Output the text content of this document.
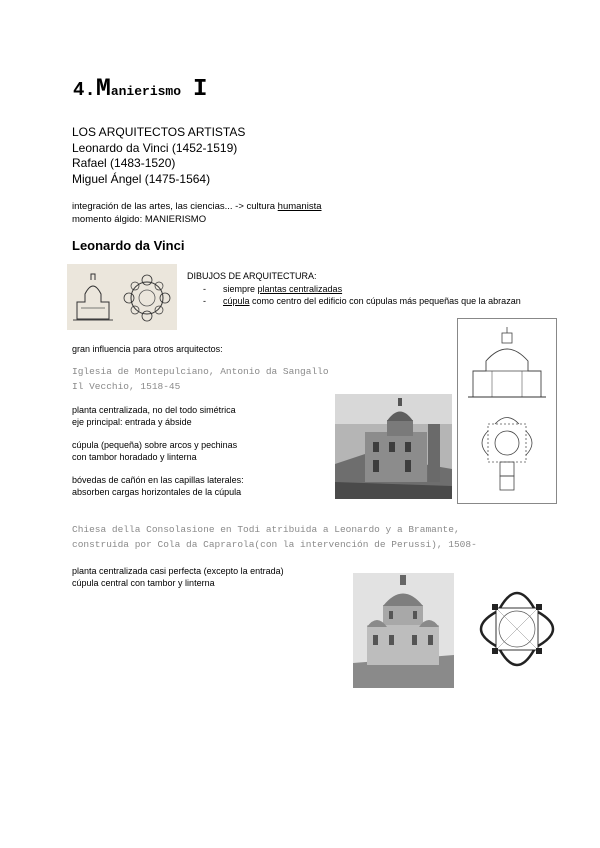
4.Manierismo I
LOS ARQUITECTOS ARTISTAS
Leonardo da Vinci (1452-1519)
Rafael (1483-1520)
Miguel Ángel (1475-1564)
integración de las artes, las ciencias... -> cultura humanista
momento álgido: MANIERISMO
Leonardo da Vinci
DIBUJOS DE ARQUITECTURA:
- siempre plantas centralizadas
- cúpula como centro del edificio con cúpulas más pequeñas que la abrazan
gran influencia para otros arquitectos:
Iglesia de Montepulciano, Antonio da Sangallo
Il Vecchio, 1518-45
planta centralizada, no del todo simétrica
eje principal: entrada y ábside
cúpula (pequeña) sobre arcos y pechinas
con tambor horadado y linterna
bóvedas de cañón en las capillas laterales:
absorben cargas horizontales de la cúpula
Chiesa della Consolasione en Todi atribuida a Leonardo y a Bramante,
construida por Cola da Caprarola(con la intervención de Perussi), 1508-
planta centralizada casi perfecta (excepto la entrada)
cúpula central con tambor y linterna
